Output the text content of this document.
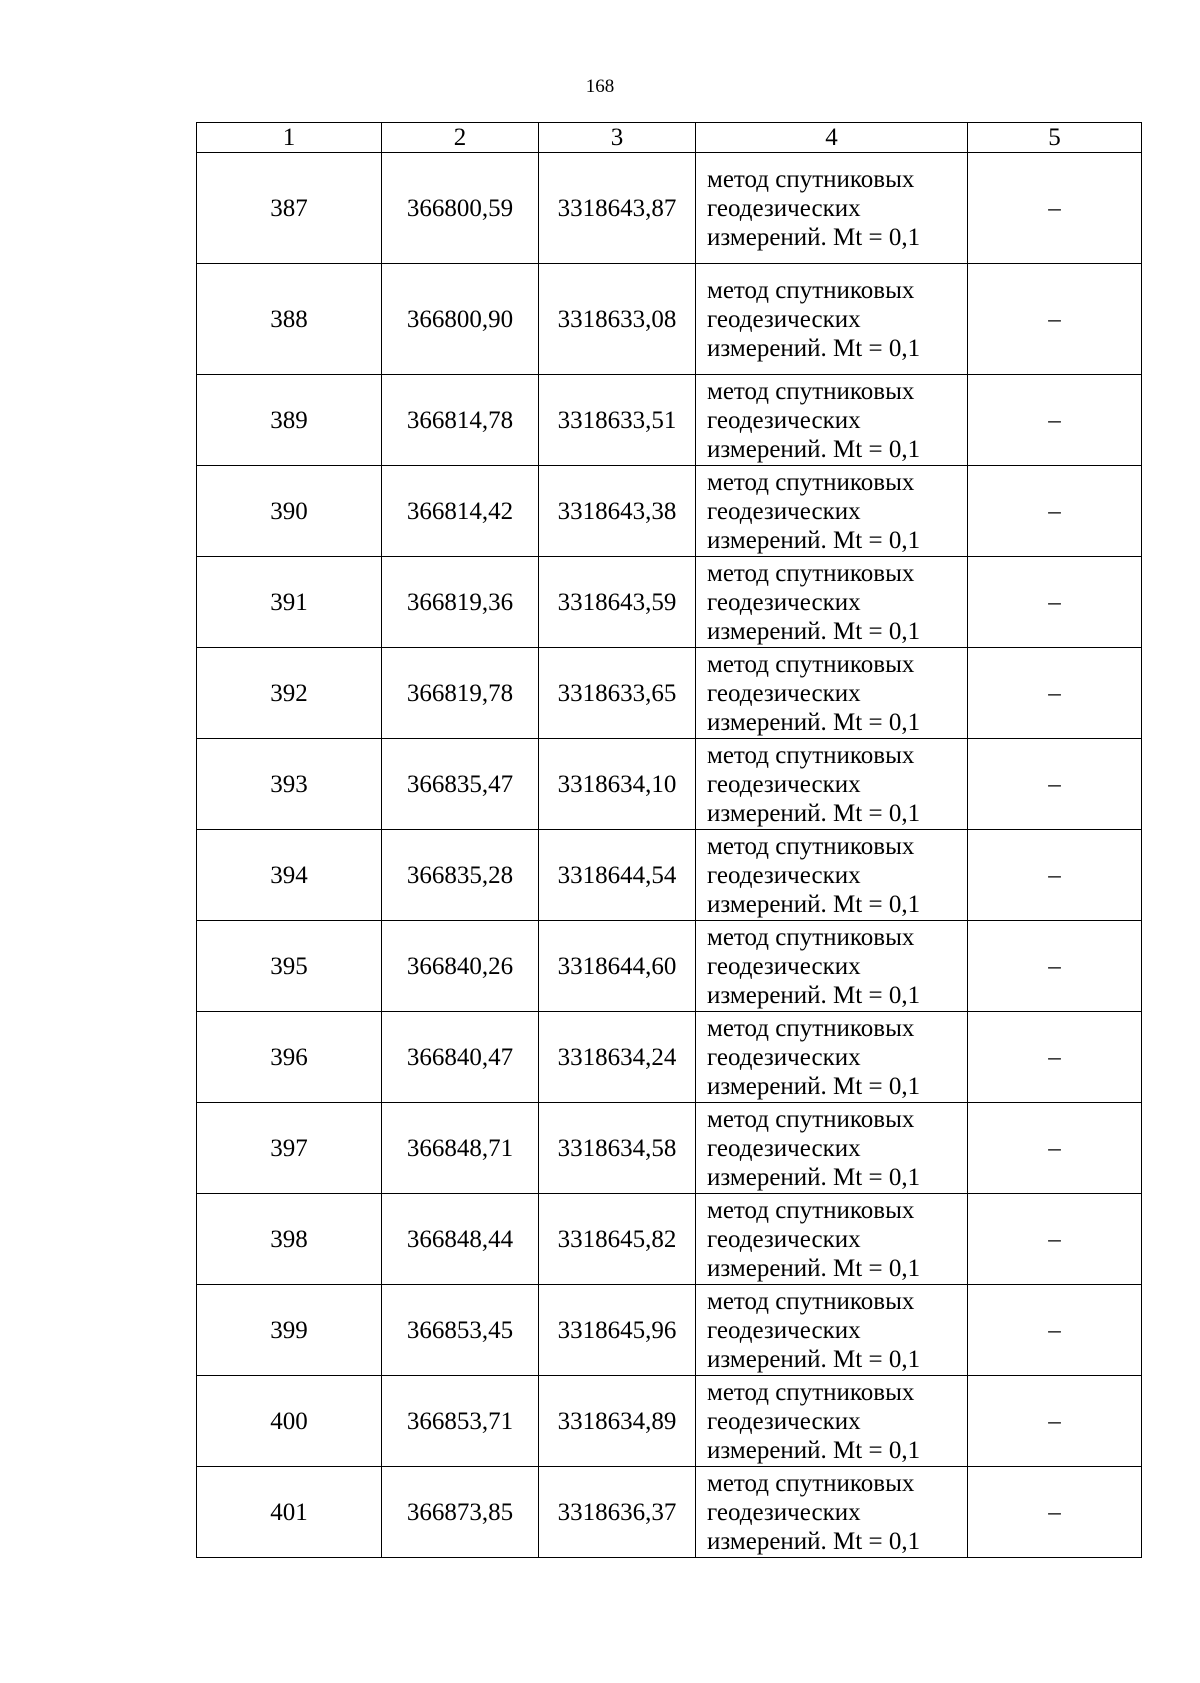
168
1	2	3	4	5
387	366800,59	3318643,87	метод спутниковых
геодезических
измерений. Mt = 0,1	–
388	366800,90	3318633,08	метод спутниковых
геодезических
измерений. Mt = 0,1	–
389	366814,78	3318633,51	метод спутниковых
геодезических
измерений. Mt = 0,1	–
390	366814,42	3318643,38	метод спутниковых
геодезических
измерений. Mt = 0,1	–
391	366819,36	3318643,59	метод спутниковых
геодезических
измерений. Mt = 0,1	–
392	366819,78	3318633,65	метод спутниковых
геодезических
измерений. Mt = 0,1	–
393	366835,47	3318634,10	метод спутниковых
геодезических
измерений. Mt = 0,1	–
394	366835,28	3318644,54	метод спутниковых
геодезических
измерений. Mt = 0,1	–
395	366840,26	3318644,60	метод спутниковых
геодезических
измерений. Mt = 0,1	–
396	366840,47	3318634,24	метод спутниковых
геодезических
измерений. Mt = 0,1	–
397	366848,71	3318634,58	метод спутниковых
геодезических
измерений. Mt = 0,1	–
398	366848,44	3318645,82	метод спутниковых
геодезических
измерений. Mt = 0,1	–
399	366853,45	3318645,96	метод спутниковых
геодезических
измерений. Mt = 0,1	–
400	366853,71	3318634,89	метод спутниковых
геодезических
измерений. Mt = 0,1	–
401	366873,85	3318636,37	метод спутниковых
геодезических
измерений. Mt = 0,1	–
